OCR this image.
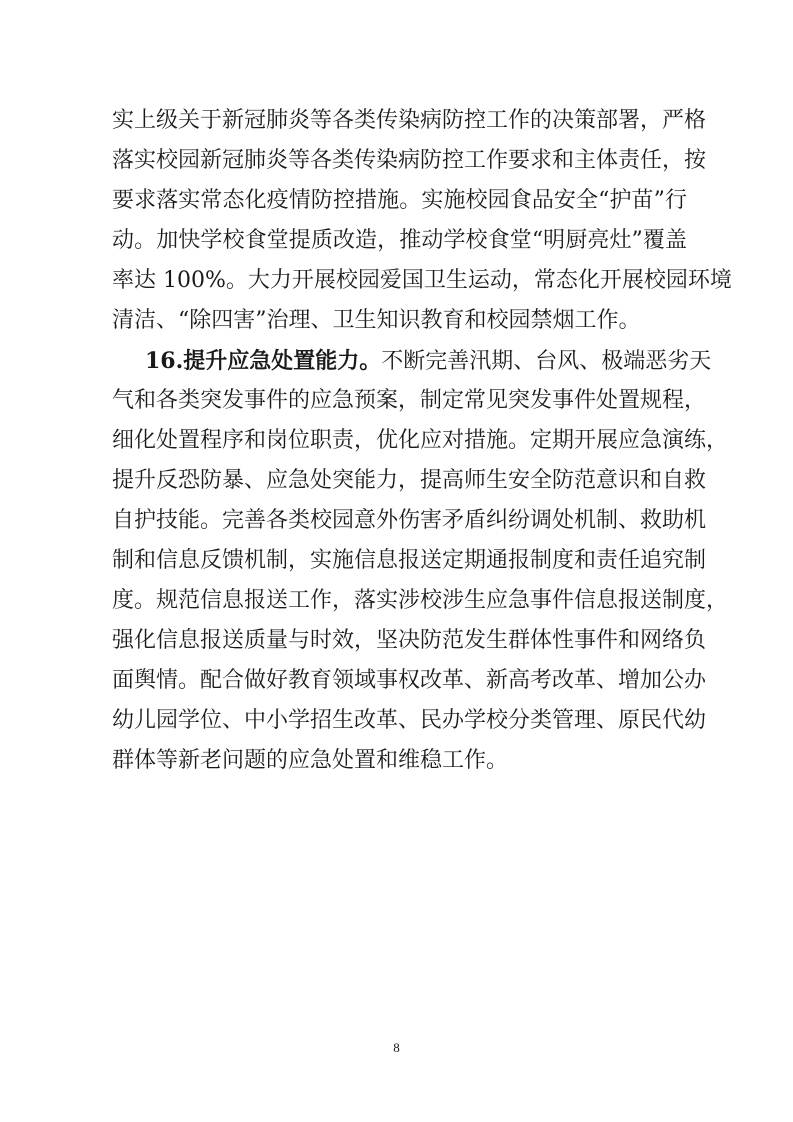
实上级关于新冠肺炎等各类传染病防控工作的决策部署，严格
落实校园新冠肺炎等各类传染病防控工作要求和主体责任，按
要求落实常态化疫情防控措施。实施校园食品安全“护苗”行
动。加快学校食堂提质改造，推动学校食堂“明厨亮灶”覆盖
率达 100%。大力开展校园爱国卫生运动，常态化开展校园环境
清洁、“除四害”治理、卫生知识教育和校园禁烟工作。
16.提升应急处置能力。不断完善汛期、台风、极端恶劣天
气和各类突发事件的应急预案，制定常见突发事件处置规程，
细化处置程序和岗位职责，优化应对措施。定期开展应急演练，
提升反恐防暴、应急处突能力，提高师生安全防范意识和自救
自护技能。完善各类校园意外伤害矛盾纠纷调处机制、救助机
制和信息反馈机制，实施信息报送定期通报制度和责任追究制
度。规范信息报送工作，落实涉校涉生应急事件信息报送制度，
强化信息报送质量与时效，坚决防范发生群体性事件和网络负
面舆情。配合做好教育领域事权改革、新高考改革、增加公办
幼儿园学位、中小学招生改革、民办学校分类管理、原民代幼
群体等新老问题的应急处置和维稳工作。
8
